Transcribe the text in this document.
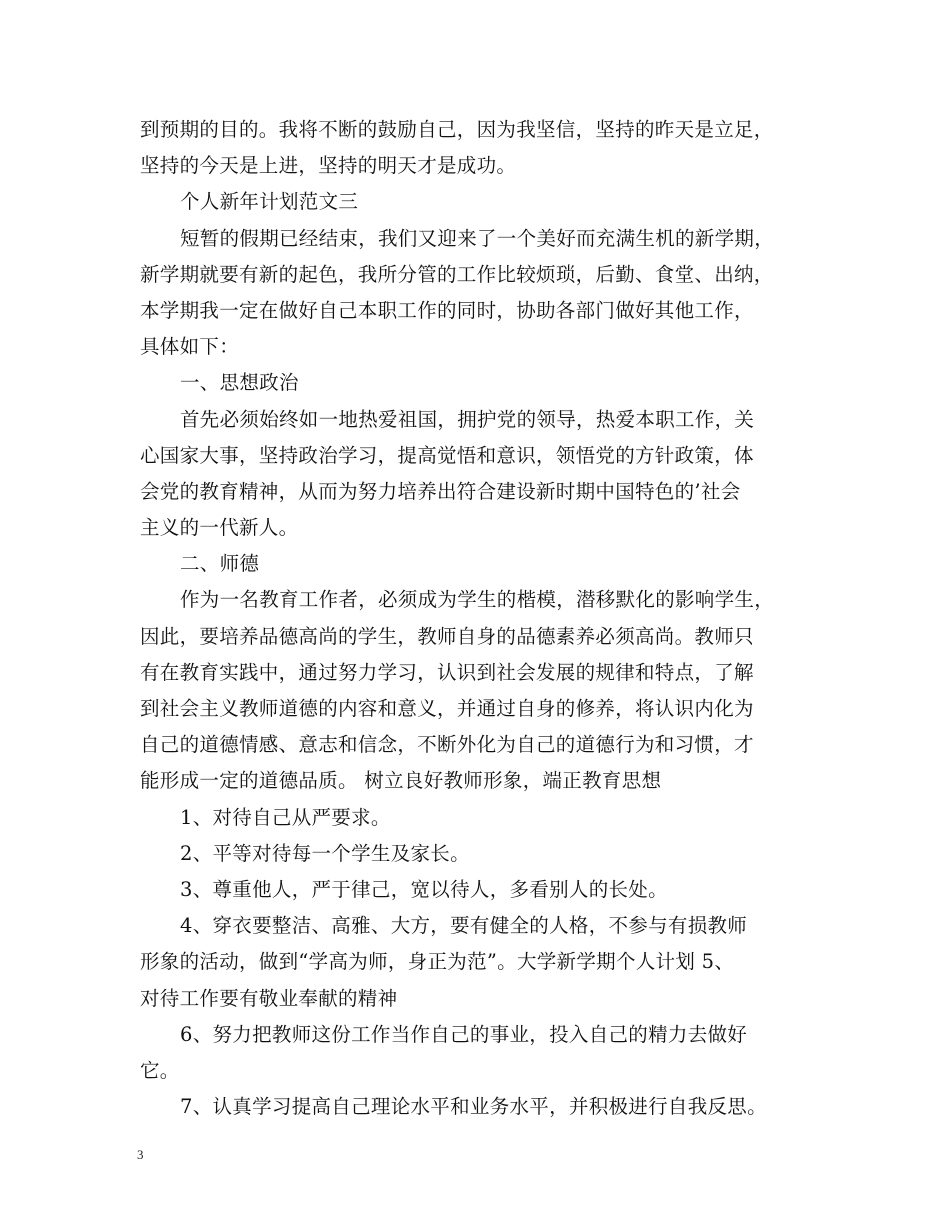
到预期的目的。我将不断的鼓励自己，因为我坚信，坚持的昨天是立足，
坚持的今天是上进，坚持的明天才是成功。
个人新年计划范文三
短暂的假期已经结束，我们又迎来了一个美好而充满生机的新学期，
新学期就要有新的起色，我所分管的工作比较烦琐，后勤、食堂、出纳，
本学期我一定在做好自己本职工作的同时，协助各部门做好其他工作，
具体如下：
一、思想政治
首先必须始终如一地热爱祖国，拥护党的领导，热爱本职工作，关
心国家大事，坚持政治学习，提高觉悟和意识，领悟党的方针政策，体
会党的教育精神，从而为努力培养出符合建设新时期中国特色的’社会
主义的一代新人。
二、师德
作为一名教育工作者，必须成为学生的楷模，潜移默化的影响学生，
因此，要培养品德高尚的学生，教师自身的品德素养必须高尚。教师只
有在教育实践中，通过努力学习，认识到社会发展的规律和特点，了解
到社会主义教师道德的内容和意义，并通过自身的修养，将认识内化为
自己的道德情感、意志和信念，不断外化为自己的道德行为和习惯，才
能形成一定的道德品质。 树立良好教师形象，端正教育思想
1、对待自己从严要求。
2、平等对待每一个学生及家长。
3、尊重他人，严于律己，宽以待人，多看别人的长处。
4、穿衣要整洁、高雅、大方，要有健全的人格，不参与有损教师
形象的活动，做到“学高为师，身正为范”。大学新学期个人计划 5、
对待工作要有敬业奉献的精神
6、努力把教师这份工作当作自己的事业，投入自己的精力去做好
它。
7、认真学习提高自己理论水平和业务水平，并积极进行自我反思。
3
